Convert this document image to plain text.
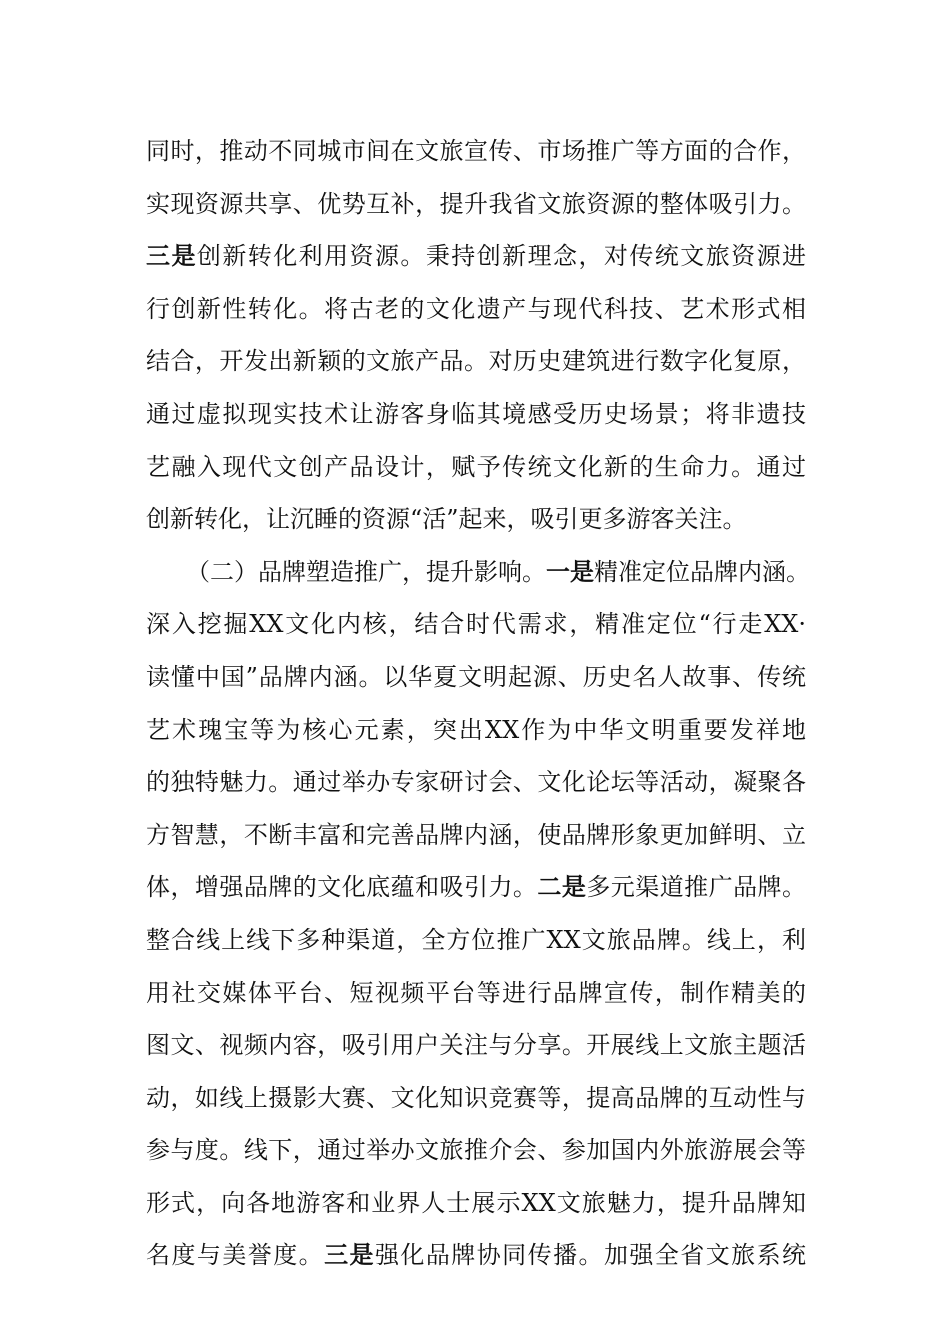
同时，推动不同城市间在文旅宣传、市场推广等方面的合作，
实现资源共享、优势互补，提升我省文旅资源的整体吸引力。
三是创新转化利用资源。秉持创新理念，对传统文旅资源进
行创新性转化。将古老的文化遗产与现代科技、艺术形式相
结合，开发出新颖的文旅产品。对历史建筑进行数字化复原，
通过虚拟现实技术让游客身临其境感受历史场景；将非遗技
艺融入现代文创产品设计，赋予传统文化新的生命力。通过
创新转化，让沉睡的资源“活”起来，吸引更多游客关注。
（二）品牌塑造推广，提升影响。一是精准定位品牌内涵。
深入挖掘XX文化内核，结合时代需求，精准定位“行走XX·
读懂中国”品牌内涵。以华夏文明起源、历史名人故事、传统
艺术瑰宝等为核心元素，突出XX作为中华文明重要发祥地
的独特魅力。通过举办专家研讨会、文化论坛等活动，凝聚各
方智慧，不断丰富和完善品牌内涵，使品牌形象更加鲜明、立
体，增强品牌的文化底蕴和吸引力。二是多元渠道推广品牌。
整合线上线下多种渠道，全方位推广XX文旅品牌。线上，利
用社交媒体平台、短视频平台等进行品牌宣传，制作精美的
图文、视频内容，吸引用户关注与分享。开展线上文旅主题活
动，如线上摄影大赛、文化知识竞赛等，提高品牌的互动性与
参与度。线下，通过举办文旅推介会、参加国内外旅游展会等
形式，向各地游客和业界人士展示XX文旅魅力，提升品牌知
名度与美誉度。三是强化品牌协同传播。加强全省文旅系统
